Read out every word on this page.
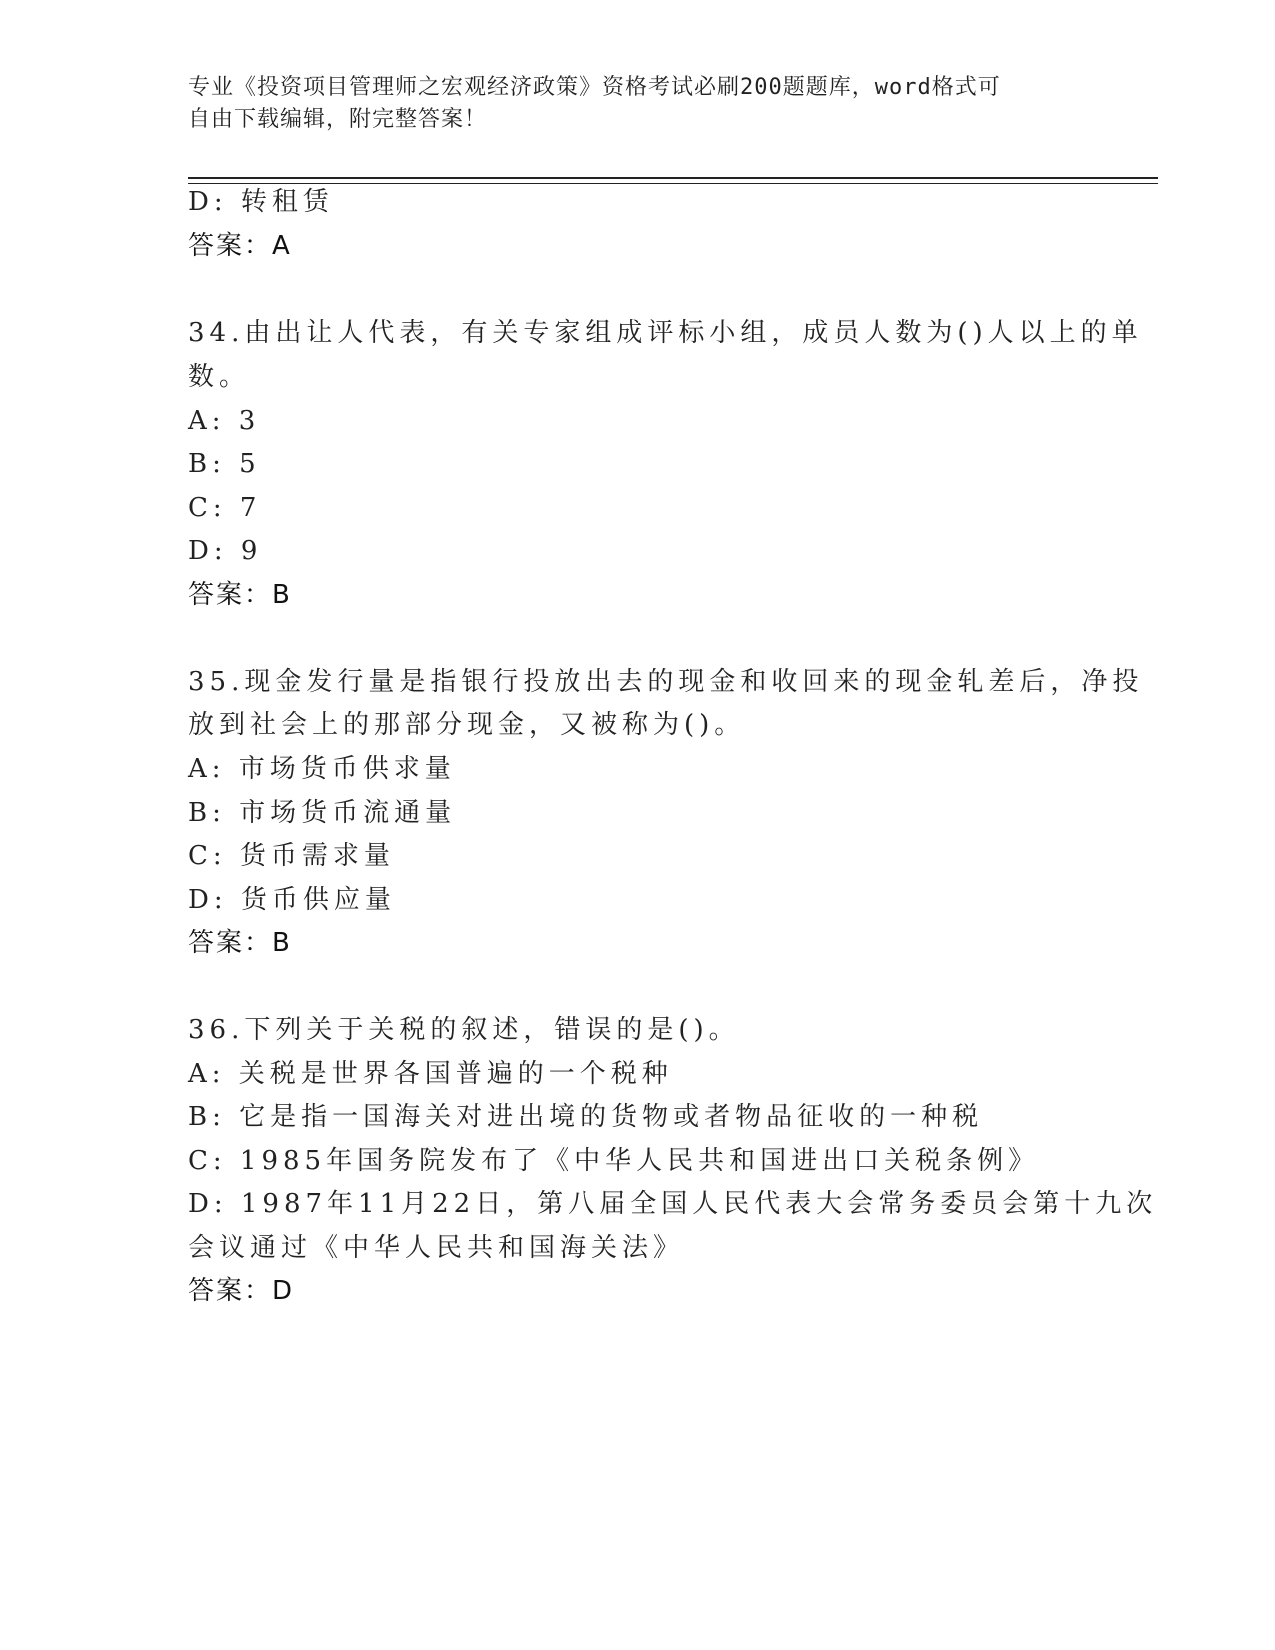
专业《投资项目管理师之宏观经济政策》资格考试必刷200题题库，word格式可
自由下载编辑，附完整答案！
D: 转租赁
答案：A
34.由出让人代表，有关专家组成评标小组，成员人数为()人以上的单
数。
A: 3
B: 5
C: 7
D: 9
答案：B
35.现金发行量是指银行投放出去的现金和收回来的现金轧差后，净投
放到社会上的那部分现金，又被称为()。
A: 市场货币供求量
B: 市场货币流通量
C: 货币需求量
D: 货币供应量
答案：B
36.下列关于关税的叙述，错误的是()。
A: 关税是世界各国普遍的一个税种
B: 它是指一国海关对进出境的货物或者物品征收的一种税
C: 1985年国务院发布了《中华人民共和国进出口关税条例》
D: 1987年11月22日，第八届全国人民代表大会常务委员会第十九次
会议通过《中华人民共和国海关法》
答案：D
